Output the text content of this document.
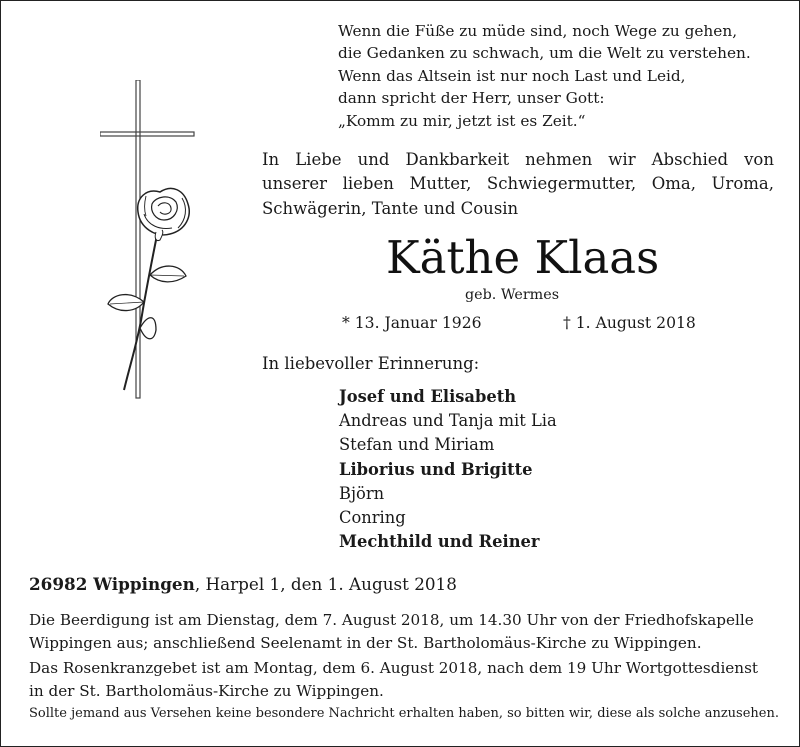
Wenn die Füße zu müde sind, noch Wege zu gehen,
die Gedanken zu schwach, um die Welt zu verstehen.
Wenn das Altsein ist nur noch Last und Leid,
dann spricht der Herr, unser Gott:
„Komm zu mir, jetzt ist es Zeit.“
In Liebe und Dankbarkeit nehmen wir Abschied von
unserer lieben Mutter, Schwiegermutter, Oma, Uroma,
Schwägerin, Tante und Cousin
Käthe Klaas
geb. Wermes
* 13. Januar 1926	† 1. August 2018
In liebevoller Erinnerung:
Josef und Elisabeth
Andreas und Tanja mit Lia
Stefan und Miriam
Liborius und Brigitte
Björn
Conring
Mechthild und Reiner
26982 Wippingen, Harpel 1, den 1. August 2018
Die Beerdigung ist am Dienstag, dem 7. August 2018, um 14.30 Uhr von der Friedhofskapelle
Wippingen aus; anschließend Seelenamt in der St. Bartholomäus-Kirche zu Wippingen.
Das Rosenkranzgebet ist am Montag, dem 6. August 2018, nach dem 19 Uhr Wortgottesdienst
in der St. Bartholomäus-Kirche zu Wippingen.
Sollte jemand aus Versehen keine besondere Nachricht erhalten haben, so bitten wir, diese als solche anzusehen.
